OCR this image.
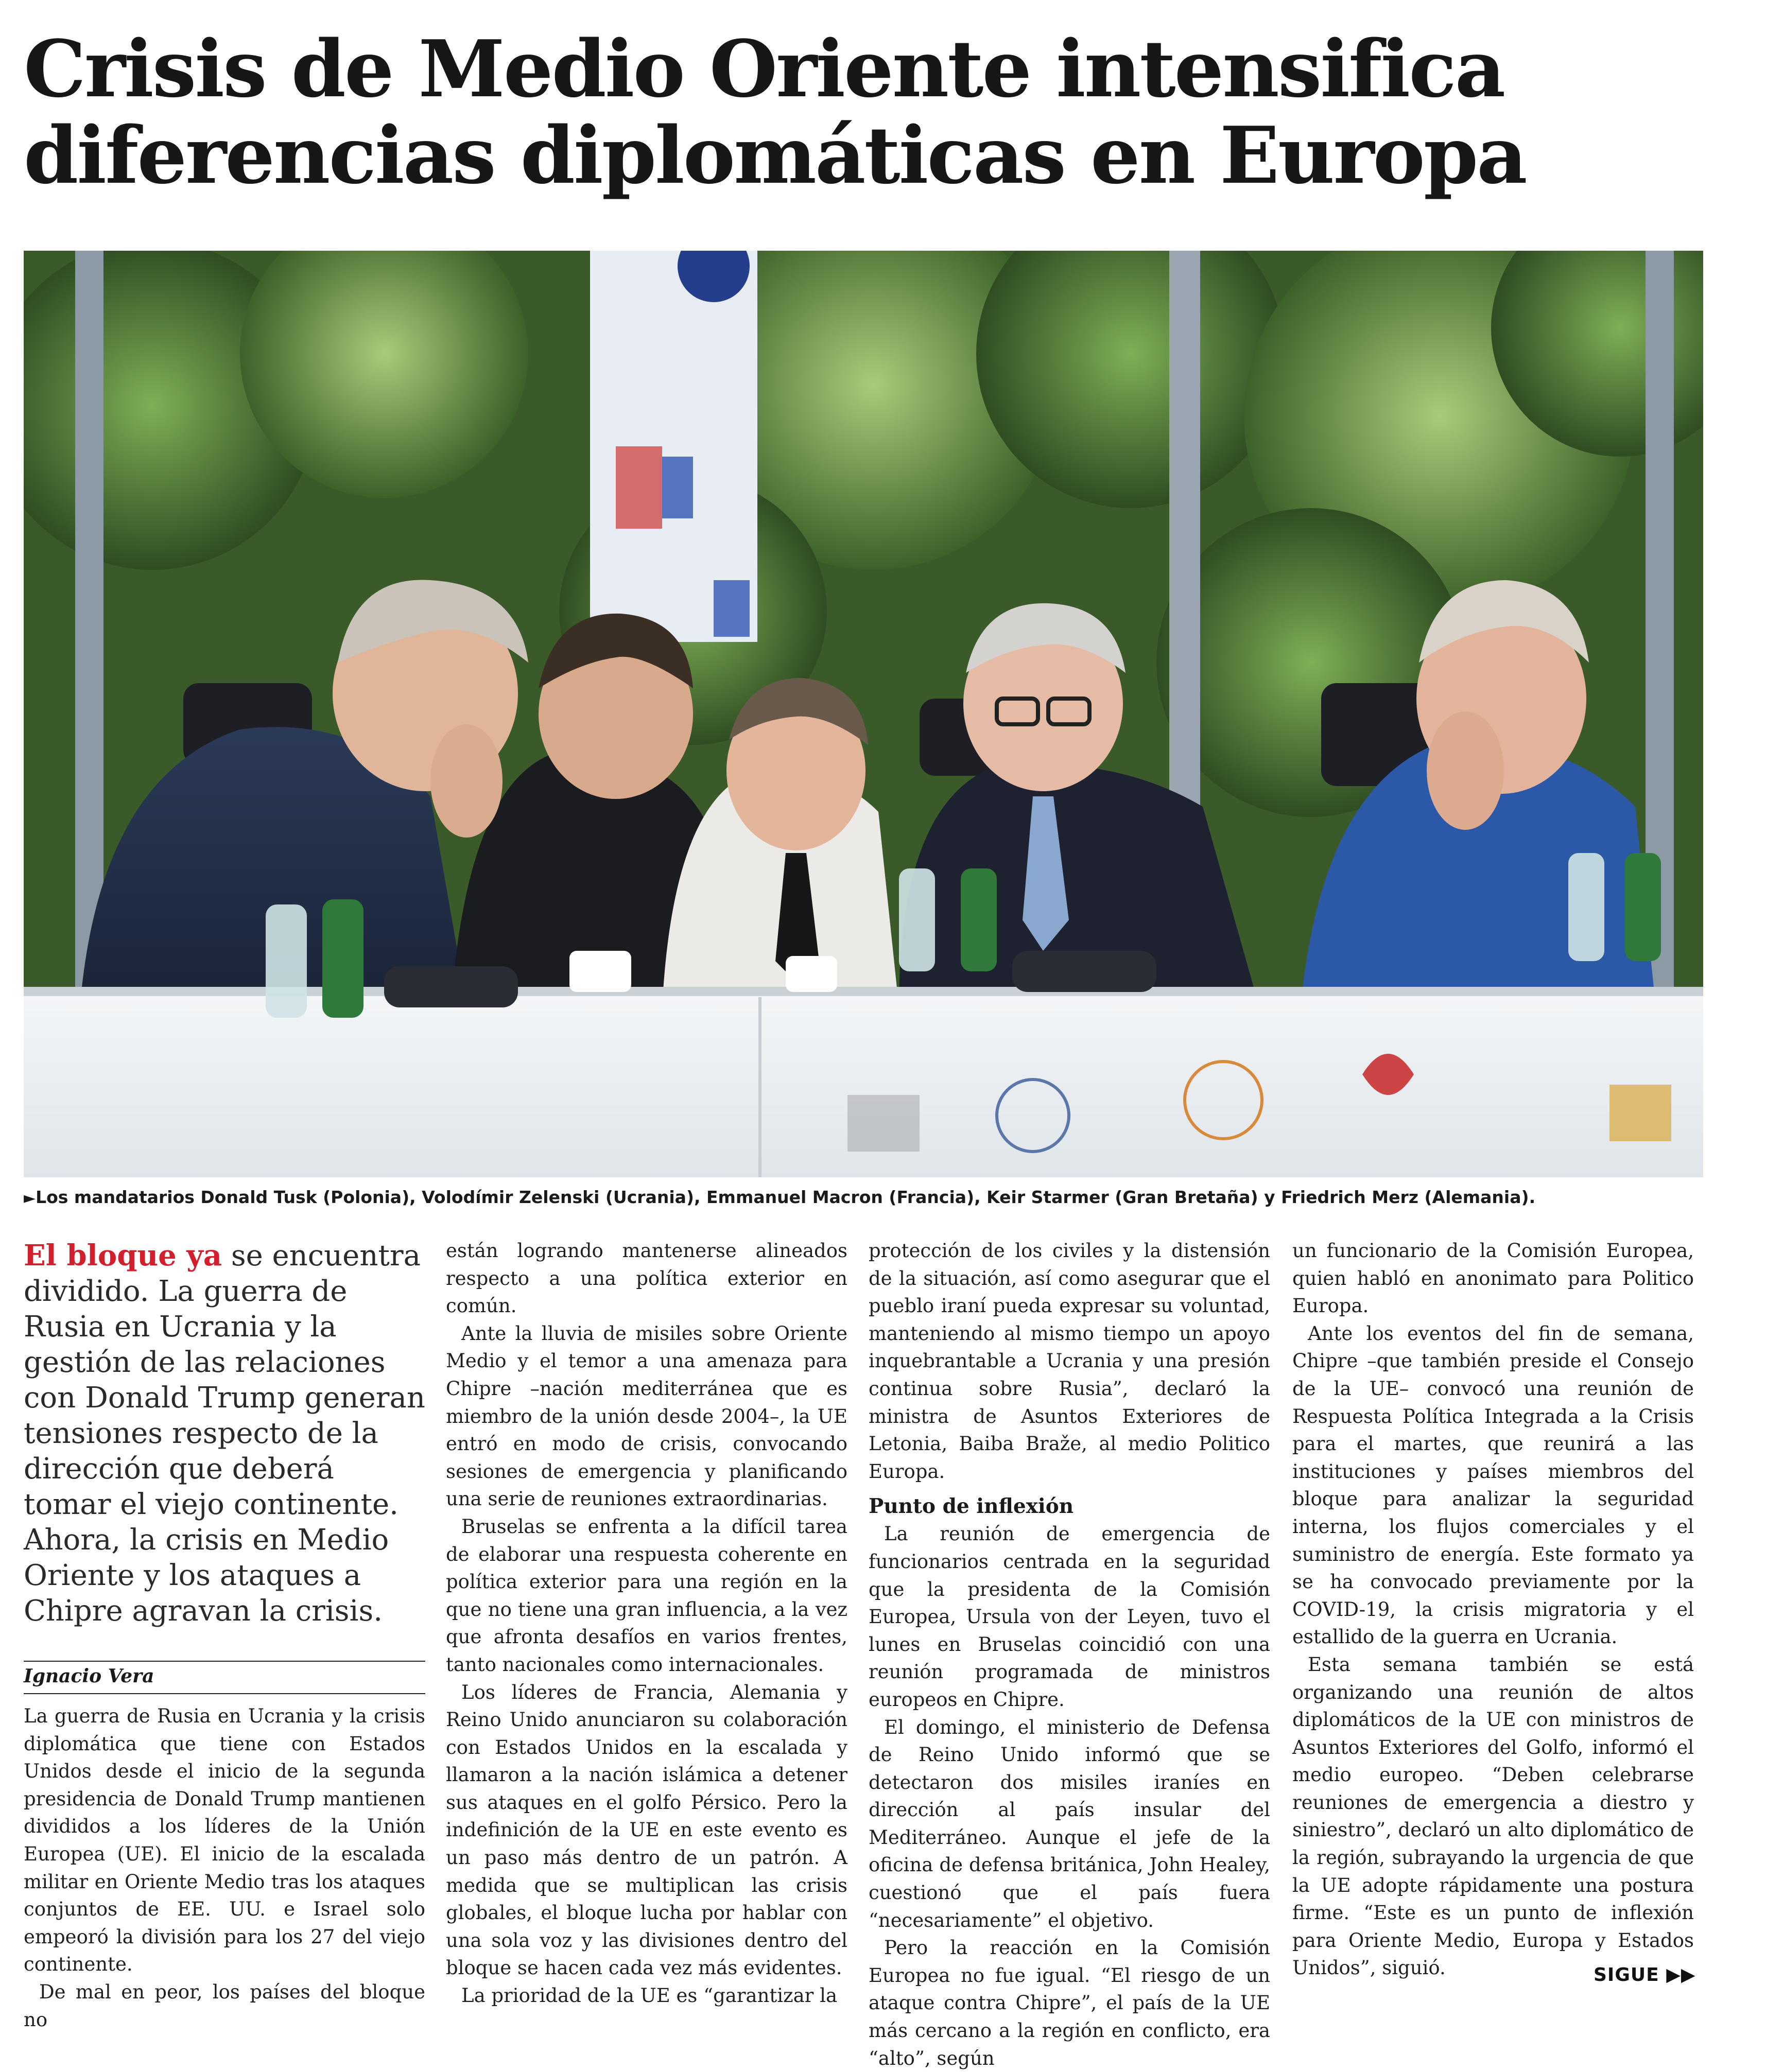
Crisis de Medio Oriente intensifica
diferencias diplomáticas en Europa
►Los mandatarios Donald Tusk (Polonia), Volodímir Zelenski (Ucrania), Emmanuel Macron (Francia), Keir Starmer (Gran Bretaña) y Friedrich Merz (Alemania).
El bloque ya se encuentra dividido. La guerra de Rusia en Ucrania y la gestión de las relaciones con Donald Trump generan tensiones respecto de la dirección que deberá tomar el viejo continente. Ahora, la crisis en Medio Oriente y los ataques a Chipre agravan la crisis.
Ignacio Vera

La guerra de Rusia en Ucrania y la crisis diplomática que tiene con Estados Unidos desde el inicio de la segunda presidencia de Donald Trump mantienen divididos a los líderes de la Unión Europea (UE). El inicio de la escalada militar en Oriente Medio tras los ataques conjuntos de EE. UU. e Israel solo empeoró la división para los 27 del viejo continente.

De mal en peor, los países del bloque no

están logrando mantenerse alineados respecto a una política exterior en común.

Ante la lluvia de misiles sobre Oriente Medio y el temor a una amenaza para Chipre –nación mediterránea que es miembro de la unión desde 2004–, la UE entró en modo de crisis, convocando sesiones de emergencia y planificando una serie de reuniones extraordinarias.

Bruselas se enfrenta a la difícil tarea de elaborar una respuesta coherente en política exterior para una región en la que no tiene una gran influencia, a la vez que afronta desafíos en varios frentes, tanto nacionales como internacionales.

Los líderes de Francia, Alemania y Reino Unido anunciaron su colaboración con Estados Unidos en la escalada y llamaron a la nación islámica a detener sus ataques en el golfo Pérsico. Pero la indefinición de la UE en este evento es un paso más dentro de un patrón. A medida que se multiplican las crisis globales, el bloque lucha por hablar con una sola voz y las divisiones dentro del bloque se hacen cada vez más evidentes.

La prioridad de la UE es “garantizar la

protección de los civiles y la distensión de la situación, así como asegurar que el pueblo iraní pueda expresar su voluntad, manteniendo al mismo tiempo un apoyo inquebrantable a Ucrania y una presión continua sobre Rusia”, declaró la ministra de Asuntos Exteriores de Letonia, Baiba Braže, al medio Politico Europa.

Punto de inflexión

La reunión de emergencia de funcionarios centrada en la seguridad que la presidenta de la Comisión Europea, Ursula von der Leyen, tuvo el lunes en Bruselas coincidió con una reunión programada de ministros europeos en Chipre.

El domingo, el ministerio de Defensa de Reino Unido informó que se detectaron dos misiles iraníes en dirección al país insular del Mediterráneo. Aunque el jefe de la oficina de defensa británica, John Healey, cuestionó que el país fuera “necesariamente” el objetivo.

Pero la reacción en la Comisión Europea no fue igual. “El riesgo de un ataque contra Chipre”, el país de la UE más cercano a la región en conflicto, era “alto”, según

un funcionario de la Comisión Europea, quien habló en anonimato para Politico Europa.

Ante los eventos del fin de semana, Chipre –que también preside el Consejo de la UE– convocó una reunión de Respuesta Política Integrada a la Crisis para el martes, que reunirá a las instituciones y países miembros del bloque para analizar la seguridad interna, los flujos comerciales y el suministro de energía. Este formato ya se ha convocado previamente por la COVID-19, la crisis migratoria y el estallido de la guerra en Ucrania.

Esta semana también se está organizando una reunión de altos diplomáticos de la UE con ministros de Asuntos Exteriores del Golfo, informó el medio europeo. “Deben celebrarse reuniones de emergencia a diestro y siniestro”, declaró un alto diplomático de la región, subrayando la urgencia de que la UE adopte rápidamente una postura firme. “Este es un punto de inflexión para Oriente Medio, Europa y Estados Unidos”, siguió.	SIGUE ▶▶
